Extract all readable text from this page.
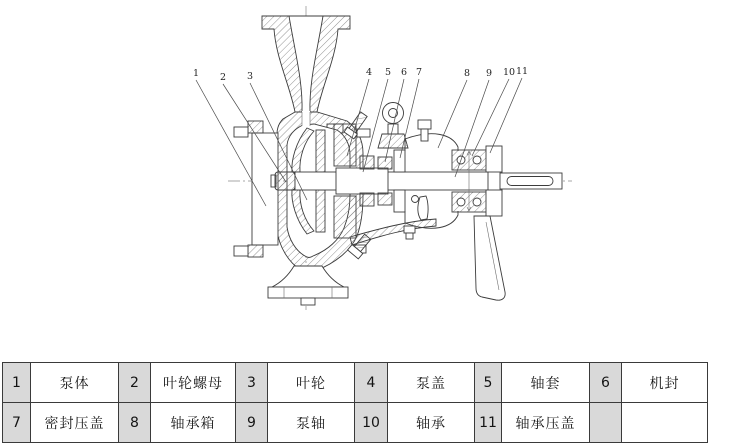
1 2 3	4 5 6 7	8 9 10 11
1	泵体	2	叶轮螺母	3	叶轮	4	泵盖	5	轴套	6	机封
7	密封压盖	8	轴承箱	9	泵轴	10	轴承	11	轴承压盖		
